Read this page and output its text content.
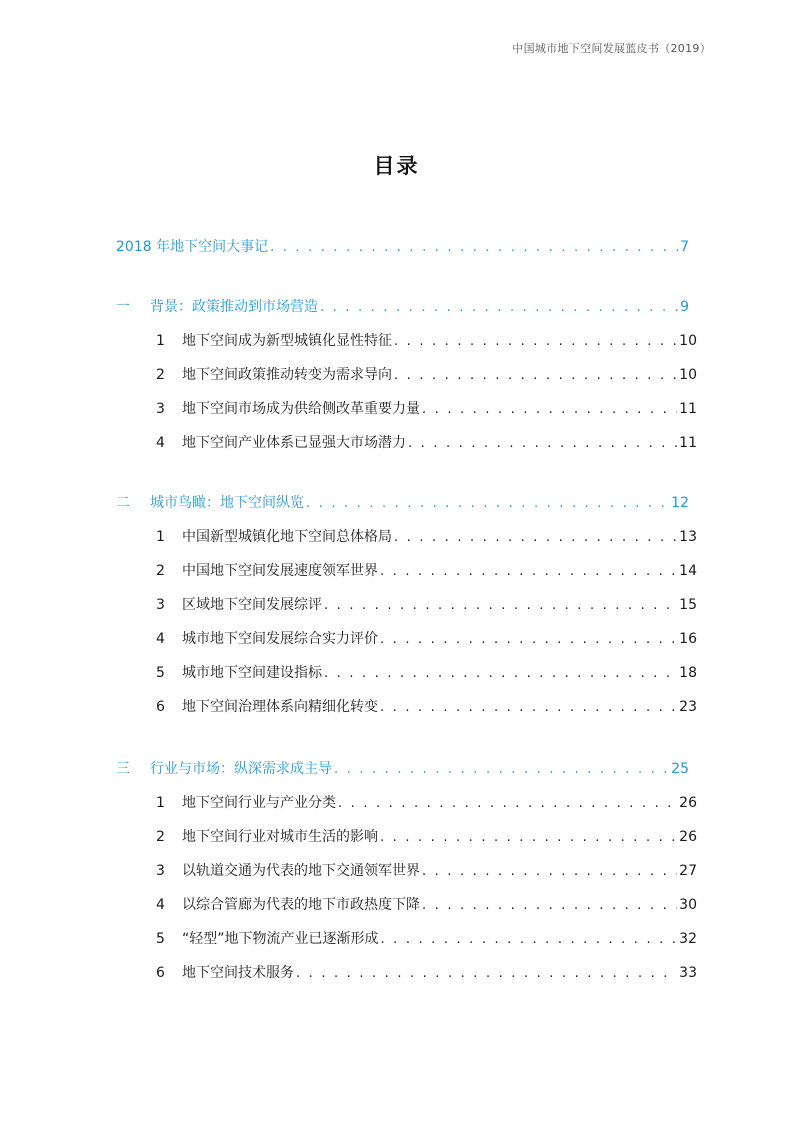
中国城市地下空间发展蓝皮书（2019）
目录
2018 年地下空间大事记 . . .	7
一	背景：政策推动到市场营造 . . .	9
1	地下空间成为新型城镇化显性特征 . . .	10
2	地下空间政策推动转变为需求导向 . . .	10
3	地下空间市场成为供给侧改革重要力量 . . .	11
4	地下空间产业体系已显强大市场潜力 . . .	11
二	城市鸟瞰：地下空间纵览 . . .	12
1	中国新型城镇化地下空间总体格局 . . .	13
2	中国地下空间发展速度领军世界 . . .	14
3	区域地下空间发展综评 . . .	15
4	城市地下空间发展综合实力评价 . . .	16
5	城市地下空间建设指标 . . .	18
6	地下空间治理体系向精细化转变 . . .	23
三	行业与市场：纵深需求成主导 . . .	25
1	地下空间行业与产业分类 . . .	26
2	地下空间行业对城市生活的影响 . . .	26
3	以轨道交通为代表的地下交通领军世界 . . .	27
4	以综合管廊为代表的地下市政热度下降 . . .	30
5	“轻型”地下物流产业已逐渐形成 . . .	32
6	地下空间技术服务 . . .	33
